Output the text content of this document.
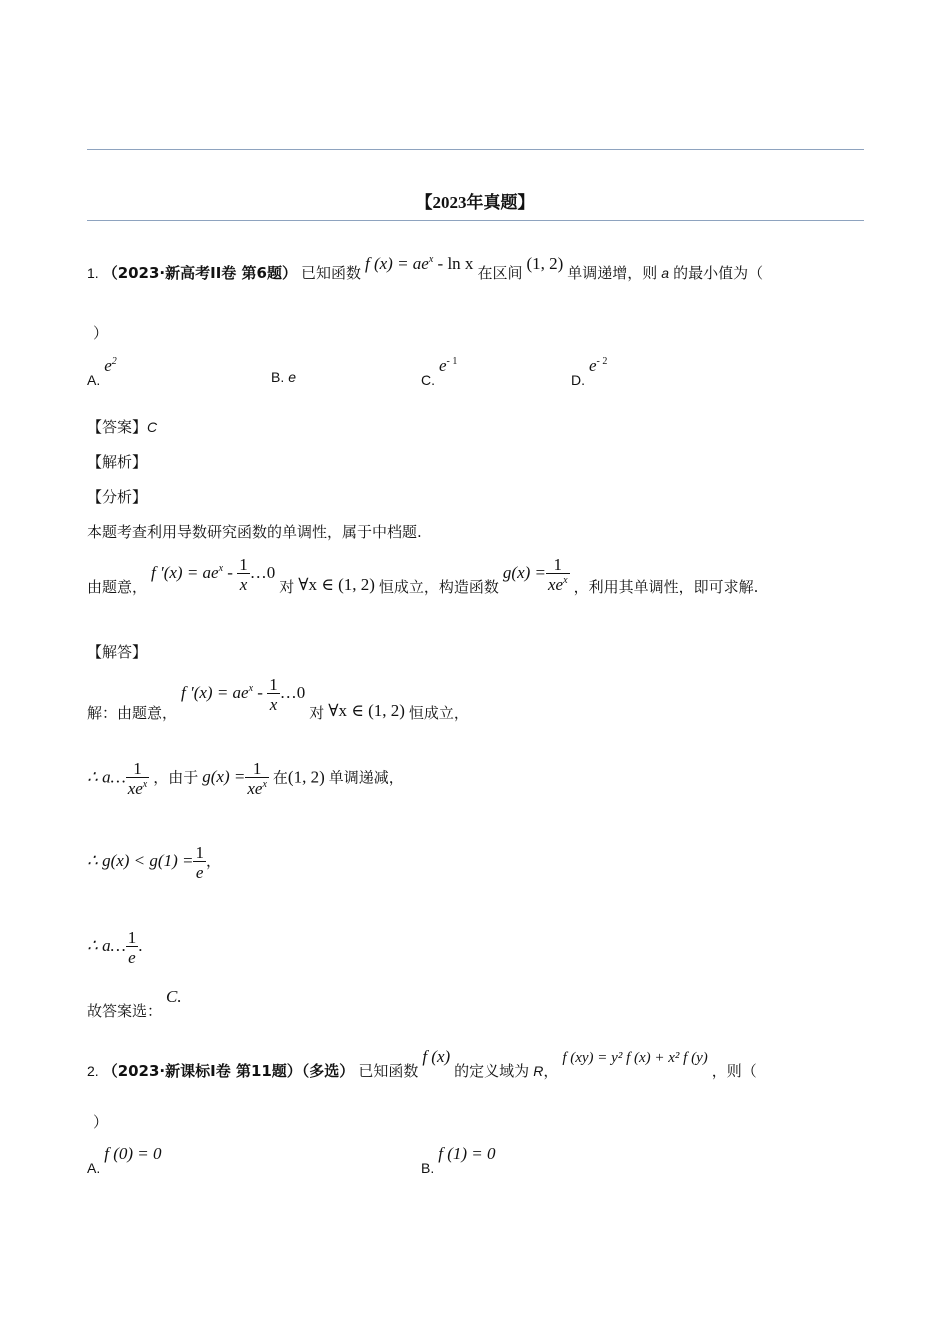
【2023年真题】
1. （2023·新高考II卷 第6题） 已知函数 f $(x) = ae^x - \ln x$ 在区间 (1, 2) 单调递增，则 a 的最小值为（
）
A. $e^2$
B. e	C. $e^{- 1}$
D. $e^{- 2}$
【答案】C
【解析】
【分析】
本题考查利用导数研究函数的单调性，属于中档题.
由题意， f $'(x) = ae^x - \frac{1}{x}$ …0 对 ∀x ∈ (1, 2) 恒成立，构造函数 $g(x) = \frac{1}{xe^x}$ ，利用其单调性，即可求解.
【解答】
解：由题意， f $'(x) = ae^x - \frac{1}{x}$ …0 对 ∀x ∈ (1, 2) 恒成立，
∴ a… $\frac{1}{xe^x}$ ，由于 $g(x) = \frac{1}{xe^x}$ 在(1, 2) 单调递减，
∴ $g(x) < g(1) = \frac{1}{e}$ ，
∴ a… $\frac{1}{e}$ .
故答案选： C.
2. （2023·新课标I卷 第11题）（多选） 已知函数 f (x) 的定义域为 R， f (xy) = y² f (x) + x² f (y) ，则（
）
A. f (0) = 0
B. f (1) = 0
